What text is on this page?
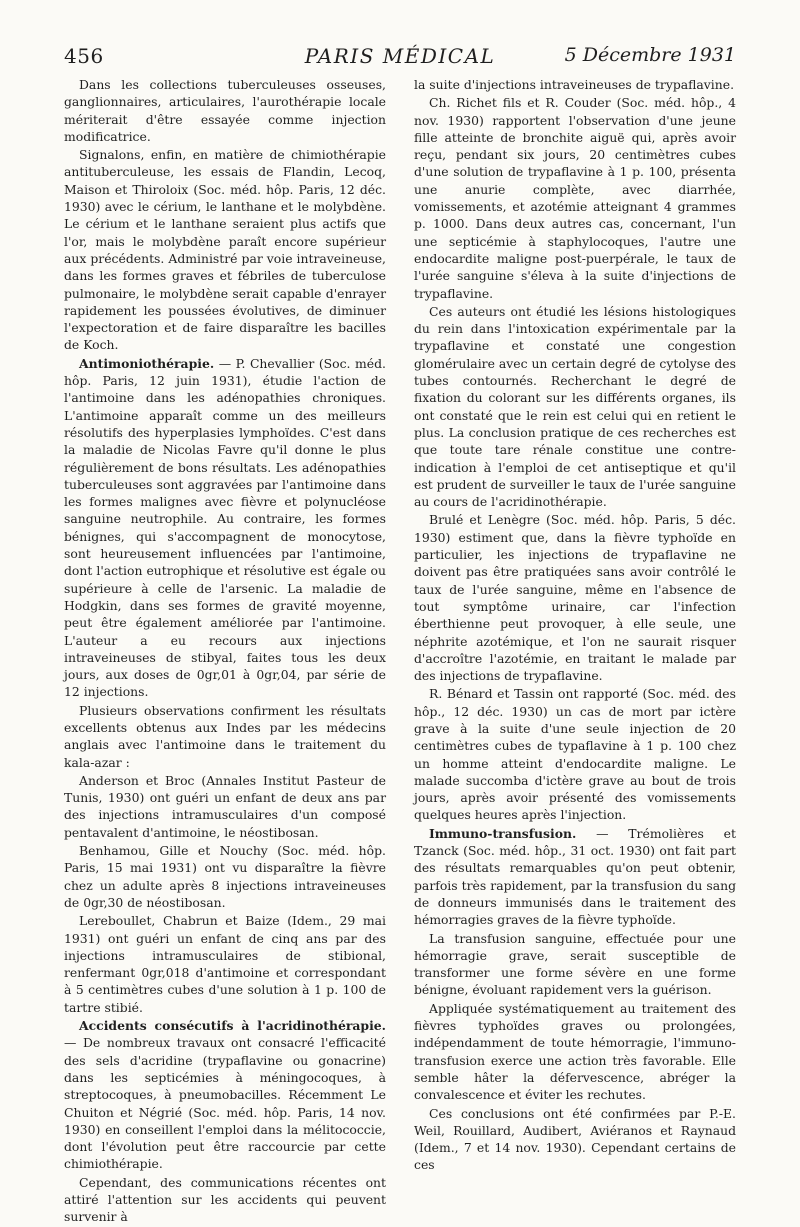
456	PARIS MÉDICAL	5 Décembre 1931

Dans les collections tuberculeuses osseuses, ganglionnaires, articulaires, l'aurothérapie locale mériterait d'être essayée comme injection modificatrice.

Signalons, enfin, en matière de chimiothérapie antituberculeuse, les essais de Flandin, Lecoq, Maison et Thiroloix (Soc. méd. hôp. Paris, 12 déc. 1930) avec le cérium, le lanthane et le molybdène. Le cérium et le lanthane seraient plus actifs que l'or, mais le molybdène paraît encore supérieur aux précédents. Administré par voie intraveineuse, dans les formes graves et fébriles de tuberculose pulmonaire, le molybdène serait capable d'enrayer rapidement les poussées évolutives, de diminuer l'expectoration et de faire disparaître les bacilles de Koch.

Antimoniothérapie. — P. Chevallier (Soc. méd. hôp. Paris, 12 juin 1931), étudie l'action de l'antimoine dans les adénopathies chroniques. L'antimoine apparaît comme un des meilleurs résolutifs des hyperplasies lymphoïdes. C'est dans la maladie de Nicolas Favre qu'il donne le plus régulièrement de bons résultats. Les adénopathies tuberculeuses sont aggravées par l'antimoine dans les formes malignes avec fièvre et polynucléose sanguine neutrophile. Au contraire, les formes bénignes, qui s'accompagnent de monocytose, sont heureusement influencées par l'antimoine, dont l'action eutrophique et résolutive est égale ou supérieure à celle de l'arsenic. La maladie de Hodgkin, dans ses formes de gravité moyenne, peut être également améliorée par l'antimoine. L'auteur a eu recours aux injections intraveineuses de stibyal, faites tous les deux jours, aux doses de 0gr,01 à 0gr,04, par série de 12 injections.

Plusieurs observations confirment les résultats excellents obtenus aux Indes par les médecins anglais avec l'antimoine dans le traitement du kala-azar :

Anderson et Broc (Annales Institut Pasteur de Tunis, 1930) ont guéri un enfant de deux ans par des injections intramusculaires d'un composé pentavalent d'antimoine, le néostibosan.

Benhamou, Gille et Nouchy (Soc. méd. hôp. Paris, 15 mai 1931) ont vu disparaître la fièvre chez un adulte après 8 injections intraveineuses de 0gr,30 de néostibosan.

Lereboullet, Chabrun et Baize (Idem., 29 mai 1931) ont guéri un enfant de cinq ans par des injections intramusculaires de stibional, renfermant 0gr,018 d'antimoine et correspondant à 5 centimètres cubes d'une solution à 1 p. 100 de tartre stibié.

Accidents consécutifs à l'acridinothérapie. — De nombreux travaux ont consacré l'efficacité des sels d'acridine (trypaflavine ou gonacrine) dans les septicémies à méningocoques, à streptocoques, à pneumobacilles. Récemment Le Chuiton et Négrié (Soc. méd. hôp. Paris, 14 nov. 1930) en conseillent l'emploi dans la mélitococcie, dont l'évolution peut être raccourcie par cette chimiothérapie.

Cependant, des communications récentes ont attiré l'attention sur les accidents qui peuvent survenir à

la suite d'injections intraveineuses de trypaflavine.

Ch. Richet fils et R. Couder (Soc. méd. hôp., 4 nov. 1930) rapportent l'observation d'une jeune fille atteinte de bronchite aiguë qui, après avoir reçu, pendant six jours, 20 centimètres cubes d'une solution de trypaflavine à 1 p. 100, présenta une anurie complète, avec diarrhée, vomissements, et azotémie atteignant 4 grammes p. 1000. Dans deux autres cas, concernant, l'un une septicémie à staphylocoques, l'autre une endocardite maligne post-puerpérale, le taux de l'urée sanguine s'éleva à la suite d'injections de trypaflavine.

Ces auteurs ont étudié les lésions histologiques du rein dans l'intoxication expérimentale par la trypaflavine et constaté une congestion glomérulaire avec un certain degré de cytolyse des tubes contournés. Recherchant le degré de fixation du colorant sur les différents organes, ils ont constaté que le rein est celui qui en retient le plus. La conclusion pratique de ces recherches est que toute tare rénale constitue une contre-indication à l'emploi de cet antiseptique et qu'il est prudent de surveiller le taux de l'urée sanguine au cours de l'acridinothérapie.

Brulé et Lenègre (Soc. méd. hôp. Paris, 5 déc. 1930) estiment que, dans la fièvre typhoïde en particulier, les injections de trypaflavine ne doivent pas être pratiquées sans avoir contrôlé le taux de l'urée sanguine, même en l'absence de tout symptôme urinaire, car l'infection éberthienne peut provoquer, à elle seule, une néphrite azotémique, et l'on ne saurait risquer d'accroître l'azotémie, en traitant le malade par des injections de trypaflavine.

R. Bénard et Tassin ont rapporté (Soc. méd. des hôp., 12 déc. 1930) un cas de mort par ictère grave à la suite d'une seule injection de 20 centimètres cubes de typaflavine à 1 p. 100 chez un homme atteint d'endocardite maligne. Le malade succomba d'ictère grave au bout de trois jours, après avoir présenté des vomissements quelques heures après l'injection.

Immuno-transfusion. — Trémolières et Tzanck (Soc. méd. hôp., 31 oct. 1930) ont fait part des résultats remarquables qu'on peut obtenir, parfois très rapidement, par la transfusion du sang de donneurs immunisés dans le traitement des hémorragies graves de la fièvre typhoïde.

La transfusion sanguine, effectuée pour une hémorragie grave, serait susceptible de transformer une forme sévère en une forme bénigne, évoluant rapidement vers la guérison.

Appliquée systématiquement au traitement des fièvres typhoïdes graves ou prolongées, indépendamment de toute hémorragie, l'immuno-transfusion exerce une action très favorable. Elle semble hâter la défervescence, abréger la convalescence et éviter les rechutes.

Ces conclusions ont été confirmées par P.-E. Weil, Rouillard, Audibert, Aviéranos et Raynaud (Idem., 7 et 14 nov. 1930). Cependant certains de ces
